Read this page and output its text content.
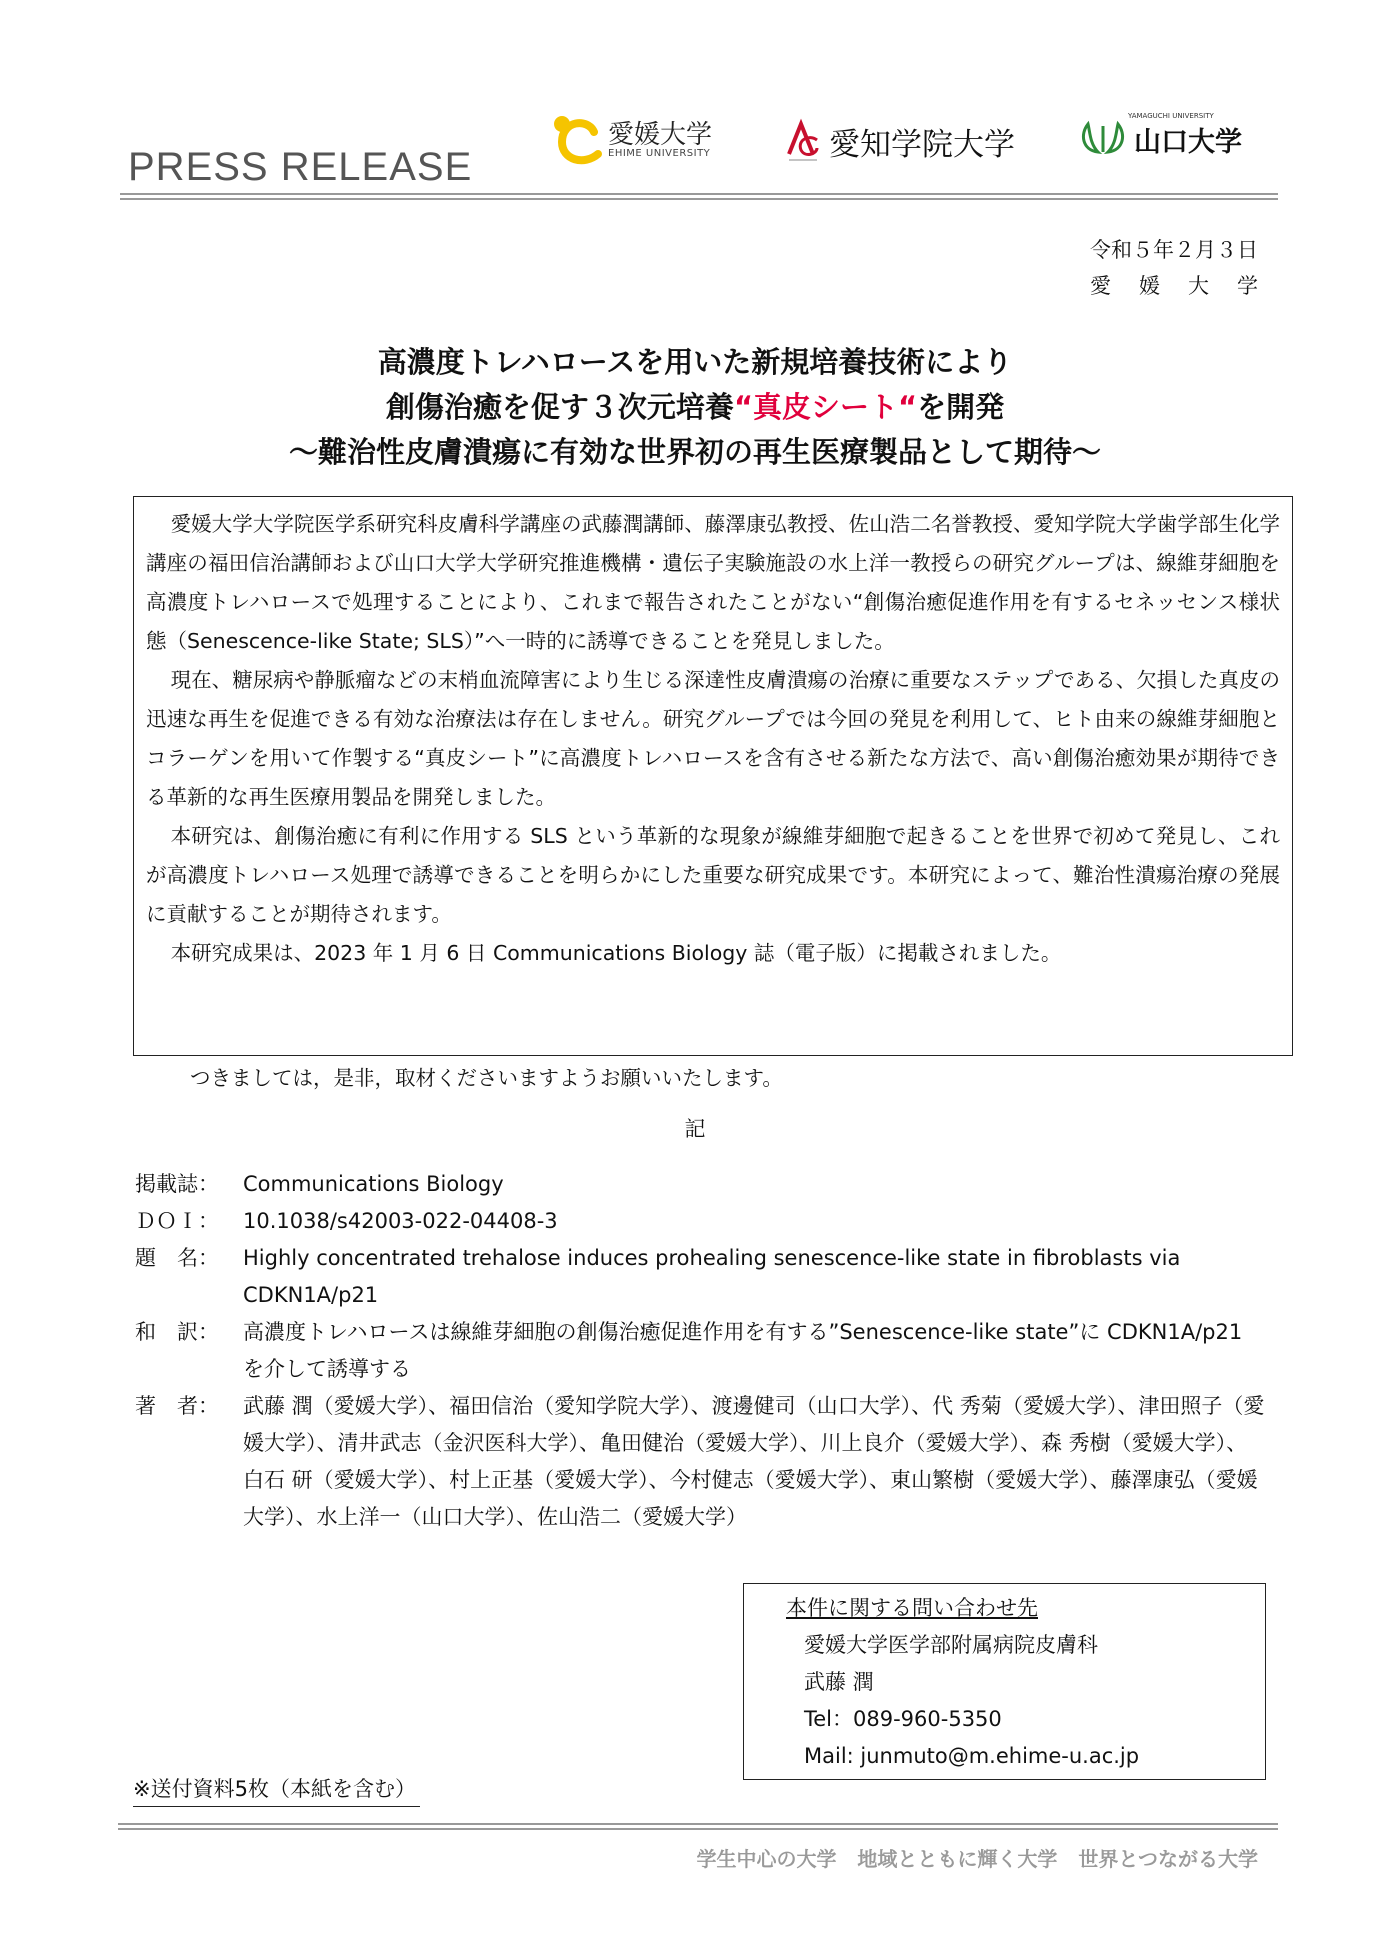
PRESS RELEASE
愛媛大学
EHIME UNIVERSITY	愛知学院大学
YAMAGUCHI UNIVERSITY
山口大学
令和５年２月３日
愛媛大学
高濃度トレハロースを用いた新規培養技術により
創傷治癒を促す３次元培養“真皮シート“を開発
～難治性皮膚潰瘍に有効な世界初の再生医療製品として期待～

愛媛大学大学院医学系研究科皮膚科学講座の武藤潤講師、藤澤康弘教授、佐山浩二名誉教授、愛知学院大学歯学部生化学講座の福田信治講師および山口大学大学研究推進機構・遺伝子実験施設の水上洋一教授らの研究グループは、線維芽細胞を高濃度トレハロースで処理することにより、これまで報告されたことがない“創傷治癒促進作用を有するセネッセンス様状態（Senescence-like State; SLS）”へ一時的に誘導できることを発見しました。

現在、糖尿病や静脈瘤などの末梢血流障害により生じる深達性皮膚潰瘍の治療に重要なステップである、欠損した真皮の迅速な再生を促進できる有効な治療法は存在しません。研究グループでは今回の発見を利用して、ヒト由来の線維芽細胞とコラーゲンを用いて作製する“真皮シート”に高濃度トレハロースを含有させる新たな方法で、高い創傷治癒効果が期待できる革新的な再生医療用製品を開発しました。

本研究は、創傷治癒に有利に作用する SLS という革新的な現象が線維芽細胞で起きることを世界で初めて発見し、これが高濃度トレハロース処理で誘導できることを明らかにした重要な研究成果です。本研究によって、難治性潰瘍治療の発展に貢献することが期待されます。

本研究成果は、2023 年 1 月 6 日 Communications Biology 誌（電子版）に掲載されました。

つきましては，是非，取材くださいますようお願いいたします。
記
掲載誌：	Communications Biology
ＤＯＩ：	10.1038/s42003-022-04408-3
題　名：	Highly concentrated trehalose induces prohealing senescence-like state in fibroblasts via CDKN1A/p21
和　訳：	高濃度トレハロースは線維芽細胞の創傷治癒促進作用を有する”Senescence-like state”に CDKN1A/p21 を介して誘導する
著　者：	武藤 潤（愛媛大学）、福田信治（愛知学院大学）、渡邊健司（山口大学）、代 秀菊（愛媛大学）、津田照子（愛媛大学）、清井武志（金沢医科大学）、亀田健治（愛媛大学）、川上良介（愛媛大学）、森 秀樹（愛媛大学）、白石 研（愛媛大学）、村上正基（愛媛大学）、今村健志（愛媛大学）、東山繁樹（愛媛大学）、藤澤康弘（愛媛大学）、水上洋一（山口大学）、佐山浩二（愛媛大学）
本件に関する問い合わせ先
愛媛大学医学部附属病院皮膚科
武藤 潤
Tel：089-960-5350
Mail: junmuto@m.ehime-u.ac.jp
※送付資料5枚（本紙を含む）
学生中心の大学 地域とともに輝く大学 世界とつながる大学
